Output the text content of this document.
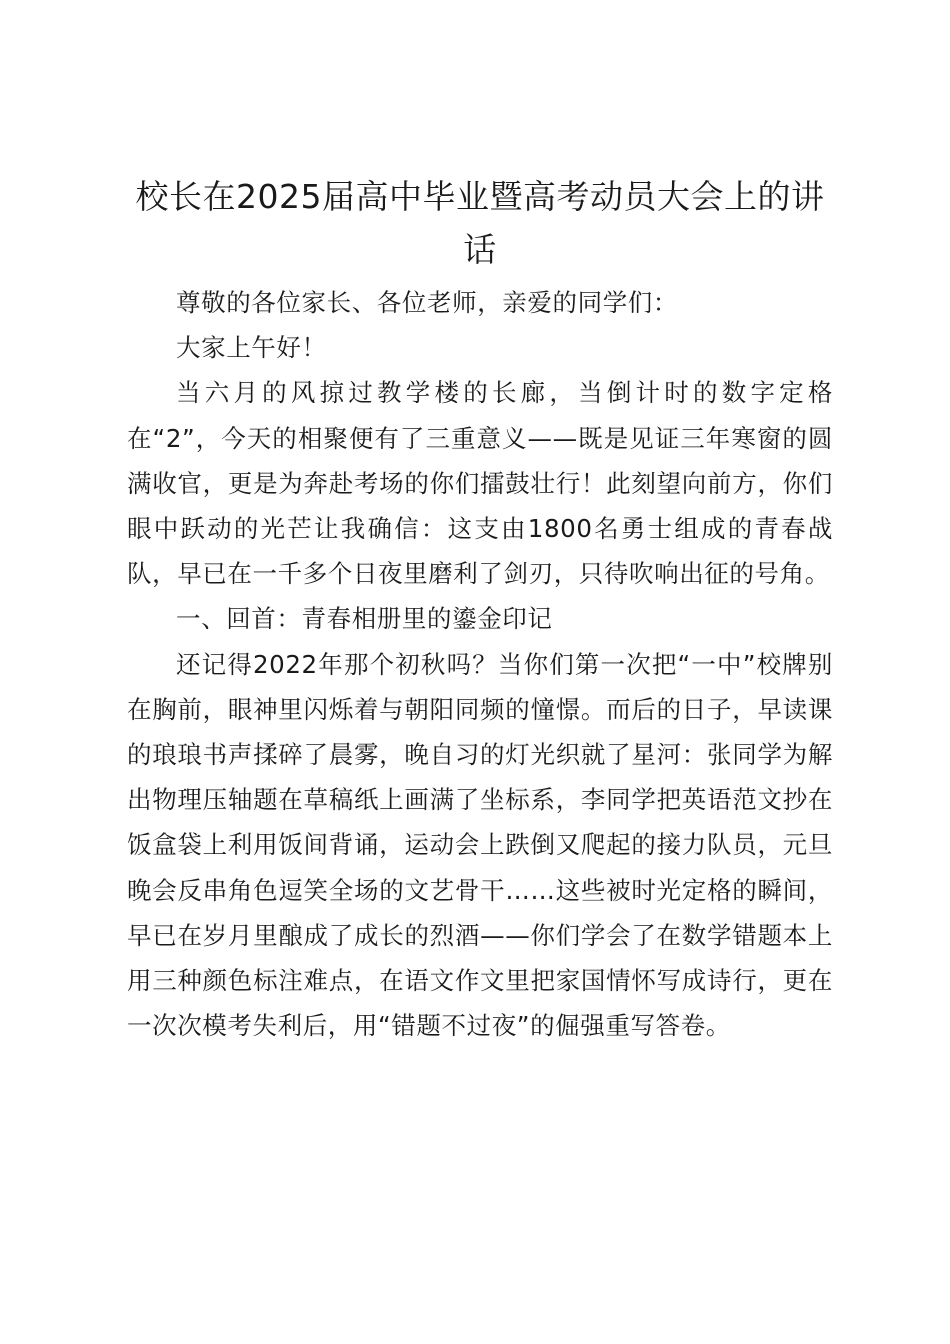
校长在2025届高中毕业暨高考动员大会上的讲话

尊敬的各位家长、各位老师，亲爱的同学们：

大家上午好！

当六月的风掠过教学楼的长廊，当倒计时的数字定格在“2”，今天的相聚便有了三重意义——既是见证三年寒窗的圆满收官，更是为奔赴考场的你们擂鼓壮行！此刻望向前方，你们眼中跃动的光芒让我确信：这支由1800名勇士组成的青春战队，早已在一千多个日夜里磨利了剑刃，只待吹响出征的号角。

一、回首：青春相册里的鎏金印记

还记得2022年那个初秋吗？当你们第一次把“一中”校牌别在胸前，眼神里闪烁着与朝阳同频的憧憬。而后的日子，早读课的琅琅书声揉碎了晨雾，晚自习的灯光织就了星河：张同学为解出物理压轴题在草稿纸上画满了坐标系，李同学把英语范文抄在饭盒袋上利用饭间背诵，运动会上跌倒又爬起的接力队员，元旦晚会反串角色逗笑全场的文艺骨干……这些被时光定格的瞬间，早已在岁月里酿成了成长的烈酒——你们学会了在数学错题本上用三种颜色标注难点，在语文作文里把家国情怀写成诗行，更在一次次模考失利后，用“错题不过夜”的倔强重写答卷。
